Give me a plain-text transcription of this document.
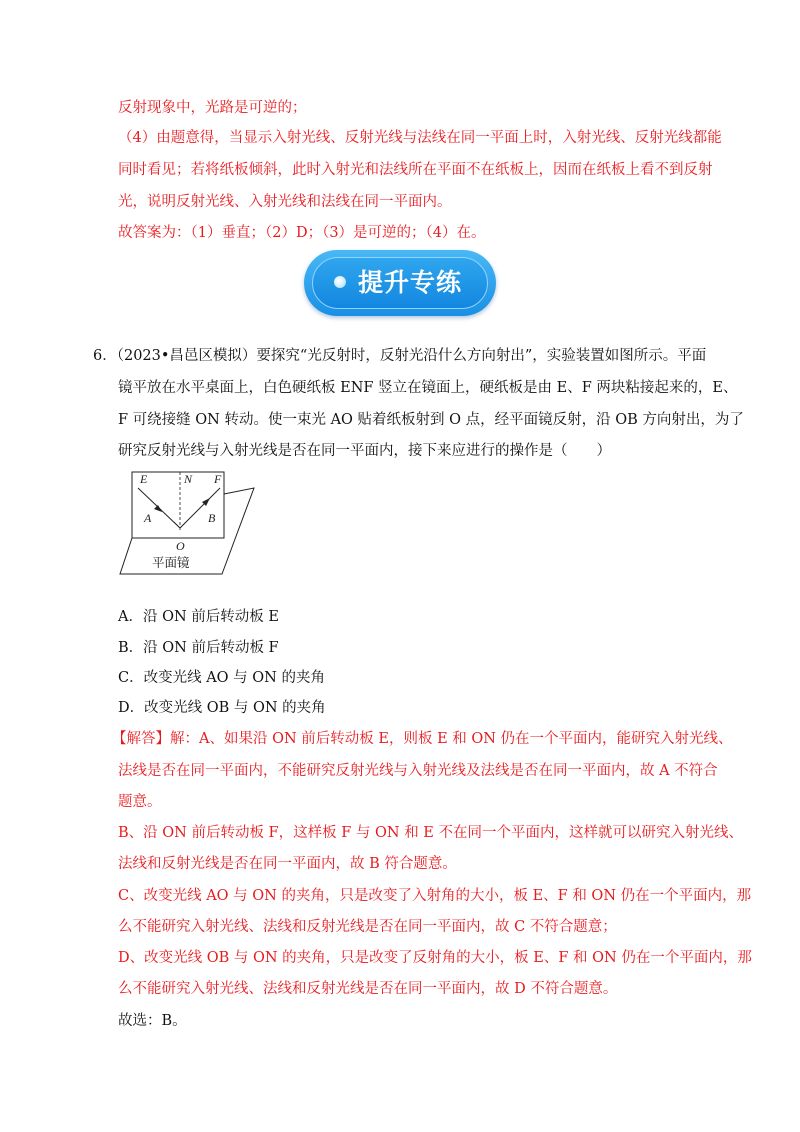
反射现象中，光路是可逆的；
（4）由题意得，当显示入射光线、反射光线与法线在同一平面上时，入射光线、反射光线都能
同时看见；若将纸板倾斜，此时入射光和法线所在平面不在纸板上，因而在纸板上看不到反射
光，说明反射光线、入射光线和法线在同一平面内。
故答案为：（1）垂直；（2）D；（3）是可逆的；（4）在。
提升专练
6．（2023•昌邑区模拟）要探究“光反射时，反射光沿什么方向射出”，实验装置如图所示。平面
镜平放在水平桌面上，白色硬纸板 ENF 竖立在镜面上，硬纸板是由 E、F 两块粘接起来的，E、
F 可绕接缝 ON 转动。使一束光 AO 贴着纸板射到 O 点，经平面镜反射，沿 OB 方向射出，为了
研究反射光线与入射光线是否在同一平面内，接下来应进行的操作是（　　）
E	N F
A	B
O
平面镜
A．沿 ON 前后转动板 E
B．沿 ON 前后转动板 F
C．改变光线 AO 与 ON 的夹角
D．改变光线 OB 与 ON 的夹角
【解答】解：A、如果沿 ON 前后转动板 E，则板 E 和 ON 仍在一个平面内，能研究入射光线、
法线是否在同一平面内，不能研究反射光线与入射光线及法线是否在同一平面内，故 A 不符合
题意。
B、沿 ON 前后转动板 F，这样板 F 与 ON 和 E 不在同一个平面内，这样就可以研究入射光线、
法线和反射光线是否在同一平面内，故 B 符合题意。
C、改变光线 AO 与 ON 的夹角，只是改变了入射角的大小，板 E、F 和 ON 仍在一个平面内，那
么不能研究入射光线、法线和反射光线是否在同一平面内，故 C 不符合题意；
D、改变光线 OB 与 ON 的夹角，只是改变了反射角的大小，板 E、F 和 ON 仍在一个平面内，那
么不能研究入射光线、法线和反射光线是否在同一平面内，故 D 不符合题意。
故选：B。
